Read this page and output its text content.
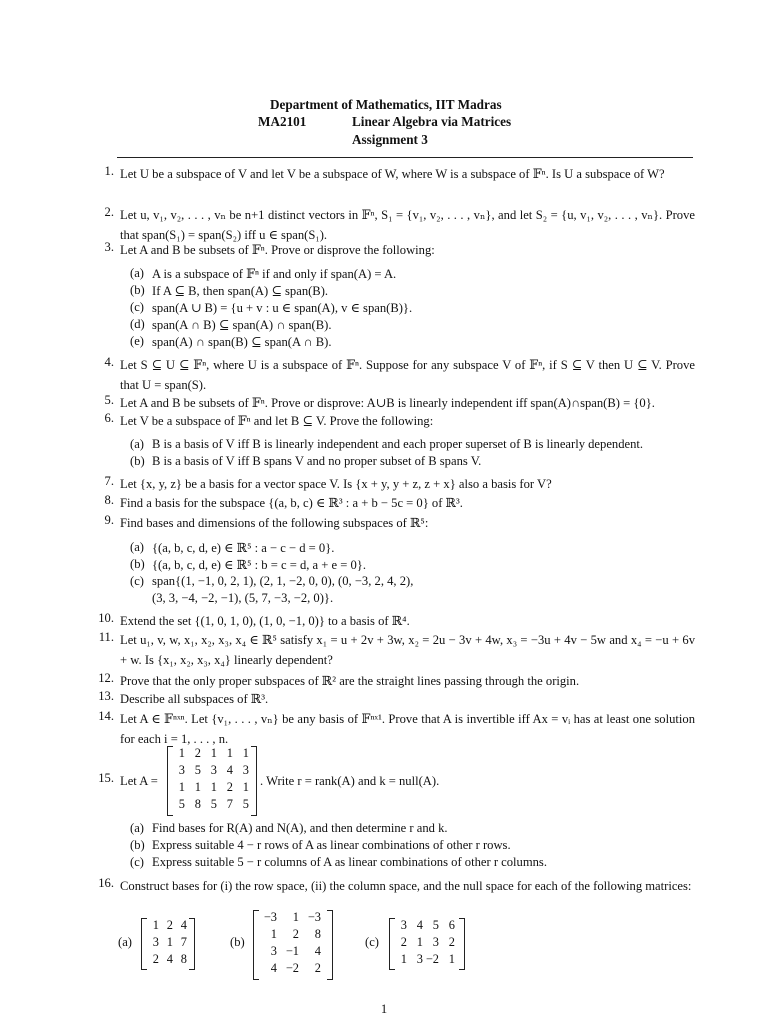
Department of Mathematics, IIT Madras
MA2101	Linear Algebra via Matrices
Assignment 3
1. Let U be a subspace of V and let V be a subspace of W, where W is a subspace of 𝔽ⁿ. Is U a subspace of W?
2. Let u, v₁, v₂, . . . , vₙ be n+1 distinct vectors in 𝔽ⁿ, S₁ = {v₁, v₂, . . . , vₙ}, and let S₂ = {u, v₁, v₂, . . . , vₙ}. Prove that span(S₁) = span(S₂) iff u ∈ span(S₁).
3. Let A and B be subsets of 𝔽ⁿ. Prove or disprove the following:
(a) A is a subspace of 𝔽ⁿ if and only if span(A) = A.
(b) If A ⊆ B, then span(A) ⊆ span(B).
(c) span(A ∪ B) = {u + v : u ∈ span(A), v ∈ span(B)}.
(d) span(A ∩ B) ⊆ span(A) ∩ span(B).
(e) span(A) ∩ span(B) ⊆ span(A ∩ B).
4. Let S ⊆ U ⊆ 𝔽ⁿ, where U is a subspace of 𝔽ⁿ. Suppose for any subspace V of 𝔽ⁿ, if S ⊆ V then U ⊆ V. Prove that U = span(S).
5. Let A and B be subsets of 𝔽ⁿ. Prove or disprove: A∪B is linearly independent iff span(A)∩span(B) = {0}.
6. Let V be a subspace of 𝔽ⁿ and let B ⊆ V. Prove the following:
(a) B is a basis of V iff B is linearly independent and each proper superset of B is linearly dependent.
(b) B is a basis of V iff B spans V and no proper subset of B spans V.
7. Let {x, y, z} be a basis for a vector space V. Is {x + y, y + z, z + x} also a basis for V?
8. Find a basis for the subspace {(a, b, c) ∈ ℝ³ : a + b − 5c = 0} of ℝ³.
9. Find bases and dimensions of the following subspaces of ℝ⁵:
(a) {(a, b, c, d, e) ∈ ℝ⁵ : a − c − d = 0}.
(b) {(a, b, c, d, e) ∈ ℝ⁵ : b = c = d, a + e = 0}.
(c) span{(1, −1, 0, 2, 1), (2, 1, −2, 0, 0), (0, −3, 2, 4, 2),
(3, 3, −4, −2, −1), (5, 7, −3, −2, 0)}.
10. Extend the set {(1, 0, 1, 0), (1, 0, −1, 0)} to a basis of ℝ⁴.
11. Let u₁, v, w, x₁, x₂, x₃, x₄ ∈ ℝ⁵ satisfy x₁ = u + 2v + 3w, x₂ = 2u − 3v + 4w, x₃ = −3u + 4v − 5w and x₄ = −u + 6v + w. Is {x₁, x₂, x₃, x₄} linearly dependent?
12. Prove that the only proper subspaces of ℝ² are the straight lines passing through the origin.
13. Describe all subspaces of ℝ³.
14. Let A ∈ 𝔽ⁿˣⁿ. Let {v₁, . . . , vₙ} be any basis of 𝔽ⁿˣ¹. Prove that A is invertible iff Ax = vᵢ has at least one solution for each i = 1, . . . , n.
15. Let A =	. Write r = rank(A) and k = null(A).
1 2 1 1 1
3 5 3 4 3
1 1 1 2 1
5 8 5 7 5
(a) Find bases for R(A) and N(A), and then determine r and k.
(b) Express suitable 4 − r rows of A as linear combinations of other r rows.
(c) Express suitable 5 − r columns of A as linear combinations of other r columns.
16. Construct bases for (i) the row space, (ii) the column space, and the null space for each of the following matrices:
(a)
1 2 4
3 1 7
2 4 8
(b)
−3 1 −3
1 2 8
3 −1 4
4 −2 2
(c)
3 4 5 6
2 1 3 2
1 3 −2 1
1
